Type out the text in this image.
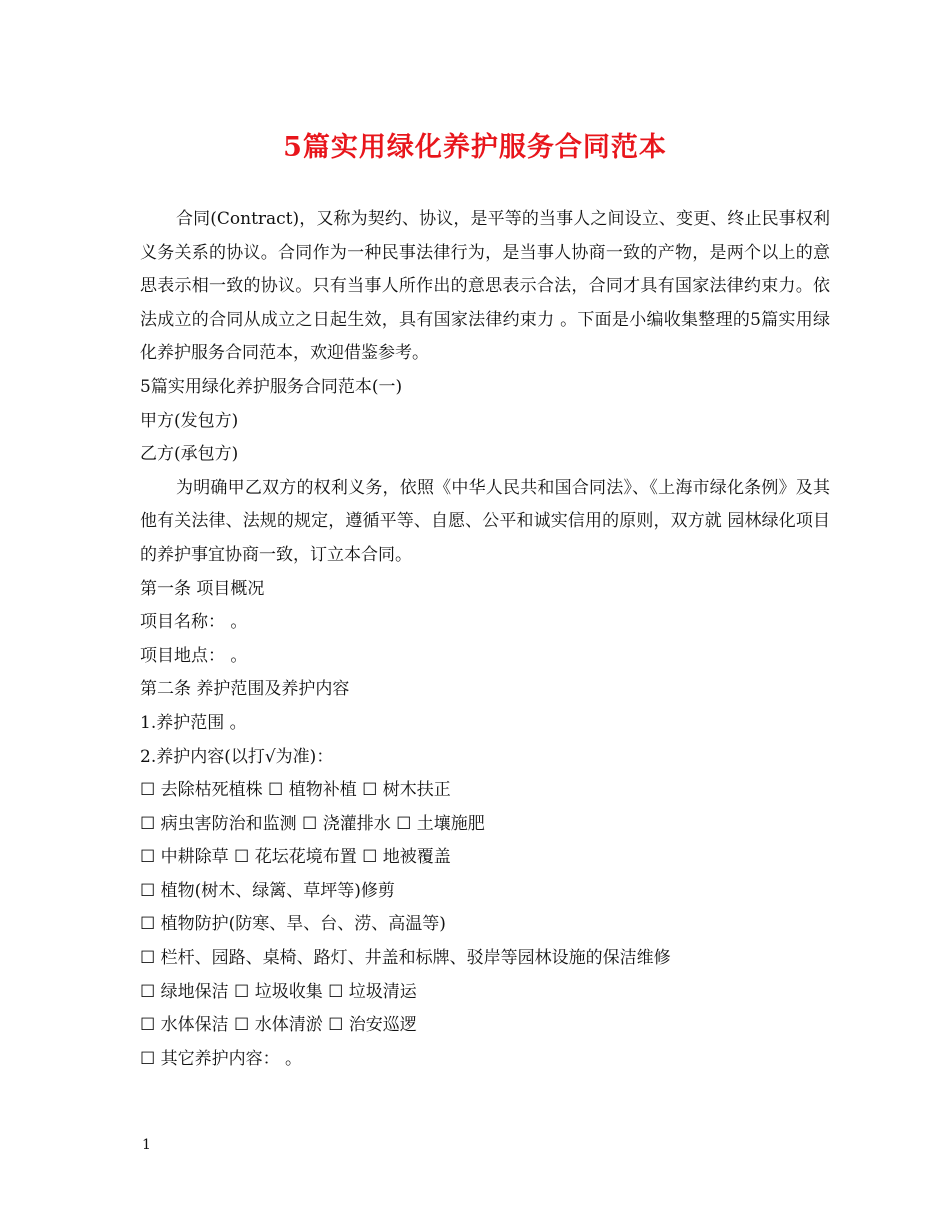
5篇实用绿化养护服务合同范本

合同(Contract)，又称为契约、协议，是平等的当事人之间设立、变更、终止民事权利义务关系的协议。合同作为一种民事法律行为，是当事人协商一致的产物，是两个以上的意思表示相一致的协议。只有当事人所作出的意思表示合法，合同才具有国家法律约束力。依法成立的合同从成立之日起生效，具有国家法律约束力 。下面是小编收集整理的5篇实用绿化养护服务合同范本，欢迎借鉴参考。

5篇实用绿化养护服务合同范本(一)

甲方(发包方)

乙方(承包方)

为明确甲乙双方的权利义务，依照《中华人民共和国合同法》、《上海市绿化条例》及其他有关法律、法规的规定，遵循平等、自愿、公平和诚实信用的原则，双方就 园林绿化项目的养护事宜协商一致，订立本合同。

第一条 项目概况

项目名称： 。

项目地点： 。

第二条 养护范围及养护内容

1.养护范围 。

2.养护内容(以打√为准)：

☐ 去除枯死植株 ☐ 植物补植 ☐ 树木扶正

☐ 病虫害防治和监测 ☐ 浇灌排水 ☐ 土壤施肥

☐ 中耕除草 ☐ 花坛花境布置 ☐ 地被覆盖

☐ 植物(树木、绿篱、草坪等)修剪

☐ 植物防护(防寒、旱、台、涝、高温等)

☐ 栏杆、园路、桌椅、路灯、井盖和标牌、驳岸等园林设施的保洁维修

☐ 绿地保洁 ☐ 垃圾收集 ☐ 垃圾清运

☐ 水体保洁 ☐ 水体清淤 ☐ 治安巡逻

☐ 其它养护内容： 。

1
